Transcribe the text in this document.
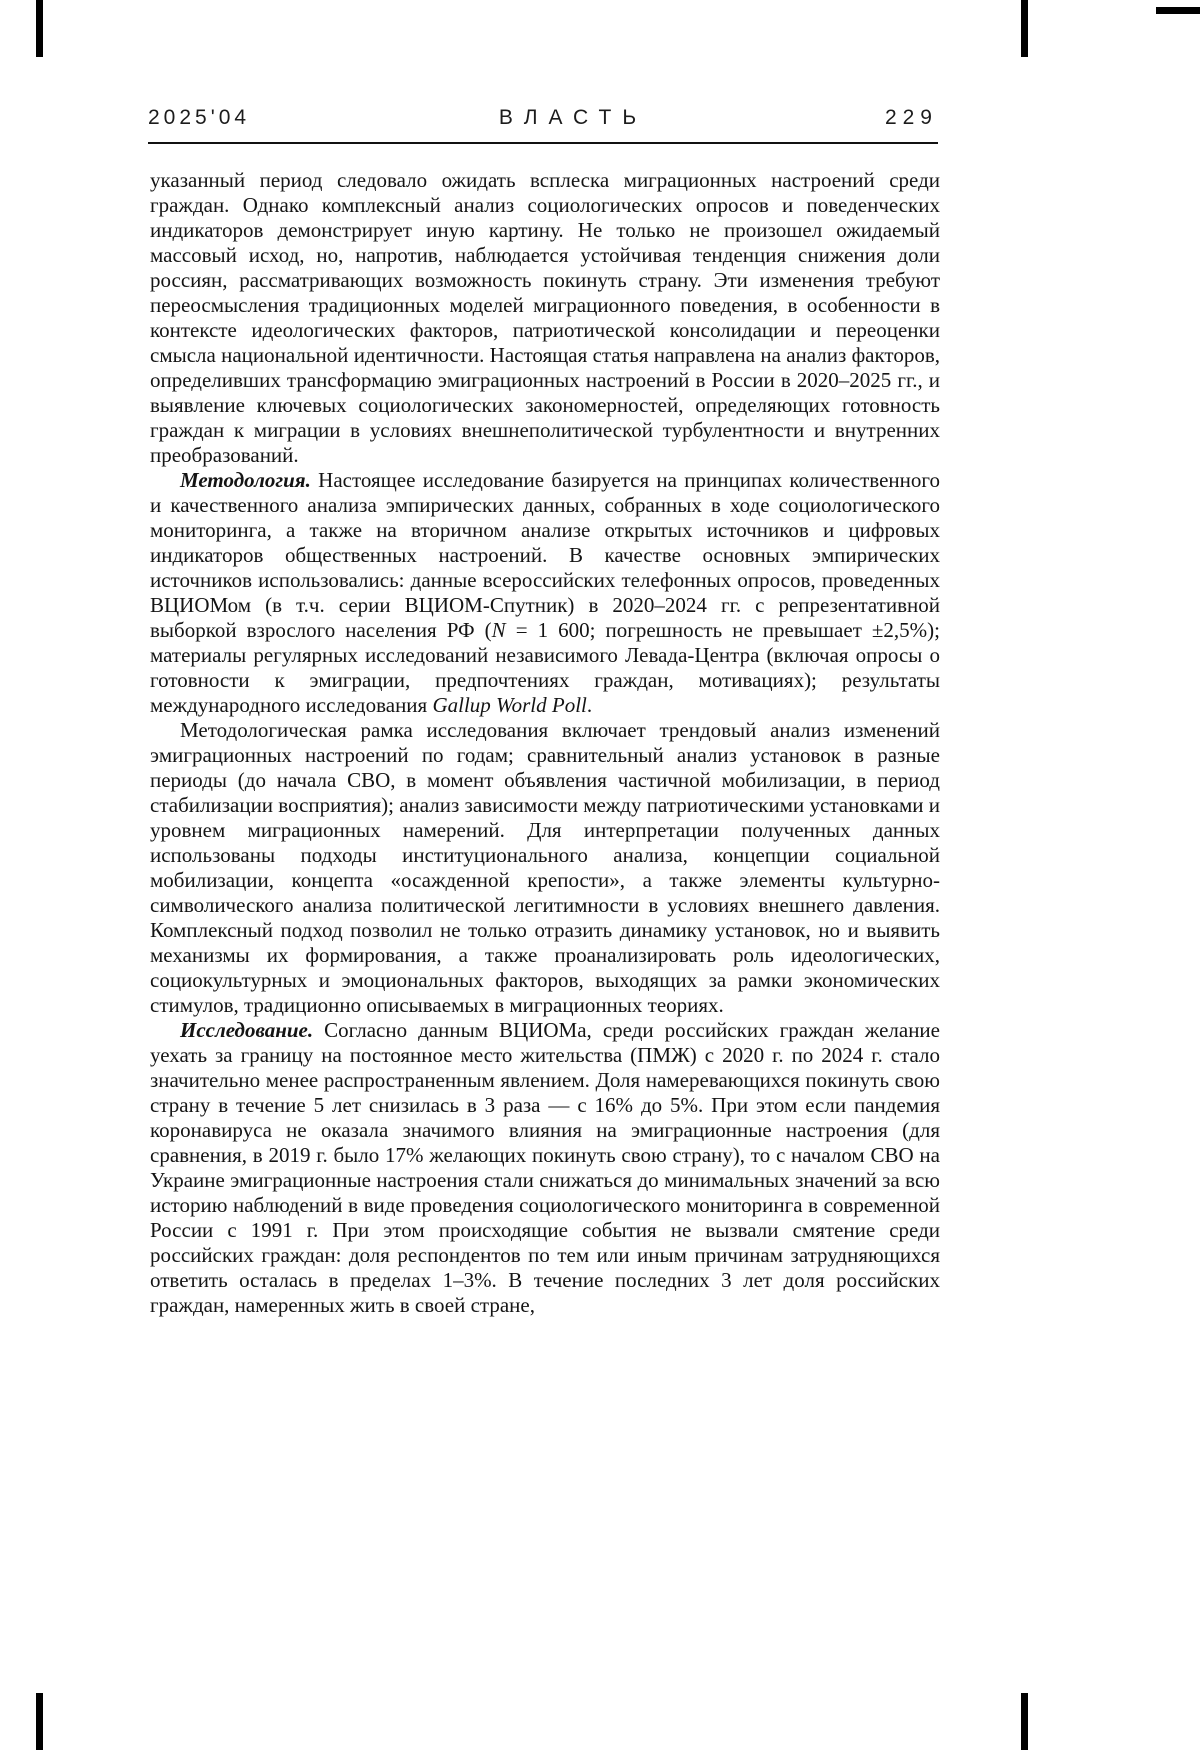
2025'04	ВЛАСТЬ	229

указанный период следовало ожидать всплеска миграционных настроений среди граждан. Однако комплексный анализ социологических опросов и поведенческих индикаторов демонстрирует иную картину. Не только не произошел ожидаемый массовый исход, но, напротив, наблюдается устойчивая тенденция снижения доли россиян, рассматривающих возможность покинуть страну. Эти изменения требуют переосмысления традиционных моделей миграционного поведения, в особенности в контексте идеологических факторов, патриотической консолидации и переоценки смысла национальной идентичности. Настоящая статья направлена на анализ факторов, определивших трансформацию эмиграционных настроений в России в 2020–2025 гг., и выявление ключевых социологических закономерностей, определяющих готовность граждан к миграции в условиях внешнеполитической турбулентности и внутренних преобразований.

Методология. Настоящее исследование базируется на принципах количественного и качественного анализа эмпирических данных, собранных в ходе социологического мониторинга, а также на вторичном анализе открытых источников и цифровых индикаторов общественных настроений. В качестве основных эмпирических источников использовались: данные всероссийских телефонных опросов, проведенных ВЦИОМом (в т.ч. серии ВЦИОМ-Спутник) в 2020–2024 гг. с репрезентативной выборкой взрослого населения РФ (N = 1 600; погрешность не превышает ±2,5%); материалы регулярных исследований независимого Левада-Центра (включая опросы о готовности к эмиграции, предпочтениях граждан, мотивациях); результаты международного исследования Gallup World Poll.

Методологическая рамка исследования включает трендовый анализ изменений эмиграционных настроений по годам; сравнительный анализ установок в разные периоды (до начала СВО, в момент объявления частичной мобилизации, в период стабилизации восприятия); анализ зависимости между патриотическими установками и уровнем миграционных намерений. Для интерпретации полученных данных использованы подходы институционального анализа, концепции социальной мобилизации, концепта «осажденной крепости», а также элементы культурно-символического анализа политической легитимности в условиях внешнего давления. Комплексный подход позволил не только отразить динамику установок, но и выявить механизмы их формирования, а также проанализировать роль идеологических, социокультурных и эмоциональных факторов, выходящих за рамки экономических стимулов, традиционно описываемых в миграционных теориях.

Исследование. Согласно данным ВЦИОМа, среди российских граждан желание уехать за границу на постоянное место жительства (ПМЖ) с 2020 г. по 2024 г. стало значительно менее распространенным явлением. Доля намеревающихся покинуть свою страну в течение 5 лет снизилась в 3 раза — с 16% до 5%. При этом если пандемия коронавируса не оказала значимого влияния на эмиграционные настроения (для сравнения, в 2019 г. было 17% желающих покинуть свою страну), то с началом СВО на Украине эмиграционные настроения стали снижаться до минимальных значений за всю историю наблюдений в виде проведения социологического мониторинга в современной России с 1991 г. При этом происходящие события не вызвали смятение среди российских граждан: доля респондентов по тем или иным причинам затрудняющихся ответить осталась в пределах 1–3%. В течение последних 3 лет доля российских граждан, намеренных жить в своей стране,
